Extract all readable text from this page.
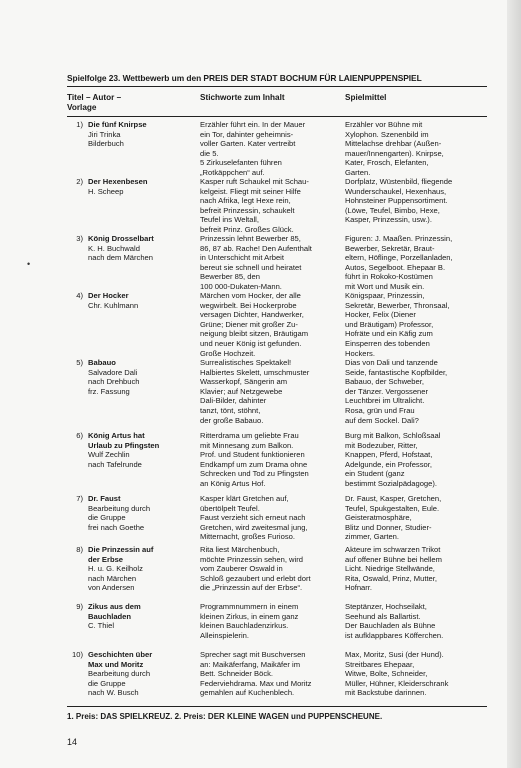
Spielfolge 23. Wettbewerb um den PREIS DER STADT BOCHUM FÜR LAIENPUPPENSPIEL
Titel – Autor –
Vorlage
Stichworte zum Inhalt	Spielmittel
•
1) Die fünf Knirpse
Jiri Trinka
Bilderbuch
Erzähler führt ein. In der Mauer
ein Tor, dahinter geheimnis-
voller Garten. Kater vertreibt
die 5.
5 Zirkuselefanten führen
„Rotkäppchen“ auf.
Erzähler vor Bühne mit
Xylophon. Szenenbild im
Mittelachse drehbar (Außen-
mauer/Innengarten). Knirpse,
Kater, Frosch, Elefanten,
Garten.
2) Der Hexenbesen
H. Scheep
Kasper ruft Schaukel mit Schau-
kelgeist. Fliegt mit seiner Hilfe
nach Afrika, legt Hexe rein,
befreit Prinzessin, schaukelt
Teufel ins Weltall,
befreit Prinz. Großes Glück.
Dorfplatz, Wüstenbild, fliegende
Wunderschaukel, Hexenhaus,
Hohnsteiner Puppensortiment.
(Löwe, Teufel, Bimbo, Hexe,
Kasper, Prinzessin, usw.).
3) König Drosselbart
K. H. Buchwald
nach dem Märchen
Prinzessin lehnt Bewerber 85,
86, 87 ab. Rache! Den Aufenthalt
in Unterschicht mit Arbeit
bereut sie schnell und heiratet
Bewerber 85, den
100 000-Dukaten-Mann.
Figuren: J. Maaßen. Prinzessin,
Bewerber, Sekretär, Braut-
eltern, Höflinge, Porzellanladen,
Autos, Segelboot. Ehepaar B.
führt in Rokoko-Kostümen
mit Wort und Musik ein.
4) Der Hocker
Chr. Kuhlmann
Märchen vom Hocker, der alle
wegwirbelt. Bei Hockerprobe
versagen Dichter, Handwerker,
Grüne; Diener mit großer Zu-
neigung bleibt sitzen, Bräutigam
und neuer König ist gefunden.
Große Hochzeit.
Königspaar, Prinzessin,
Sekretär, Bewerber, Thronsaal,
Hocker, Felix (Diener
und Bräutigam) Professor,
Hofräte und ein Käfig zum
Einsperren des tobenden
Hockers.
5) Babauo
Salvadore Dali
nach Drehbuch
frz. Fassung
Surrealistisches Spektakel!
Halbiertes Skelett, umschmuster
Wasserkopf, Sängerin am
Klavier; auf Netzgewebe
Dali-Bilder, dahinter
tanzt, tönt, stöhnt,
der große Babauo.
Dias von Dali und tanzende
Seide, fantastische Kopfbilder,
Babauo, der Schweber,
der Tänzer. Vergossener
Leuchtbrei im Ultralicht.
Rosa, grün und Frau
auf dem Sockel. Dali?
6) König Artus hat
Urlaub zu Pfingsten
Wulf Zechlin
nach Tafelrunde
Ritterdrama um geliebte Frau
mit Minnesang zum Balkon.
Prof. und Student funktionieren
Endkampf um zum Drama ohne
Schrecken und Tod zu Pfingsten
an König Artus Hof.
Burg mit Balkon, Schloßsaal
mit Bodezuber, Ritter,
Knappen, Pferd, Hofstaat,
Adelgunde, ein Professor,
ein Student (ganz
bestimmt Sozialpädagoge).
7) Dr. Faust
Bearbeitung durch
die Gruppe
frei nach Goethe
Kasper klärt Gretchen auf,
übertölpelt Teufel.
Faust verzieht sich erneut nach
Gretchen, wird zweitesmal jung,
Mitternacht, großes Furioso.
Dr. Faust, Kasper, Gretchen,
Teufel, Spukgestalten, Eule.
Geisteratmosphäre,
Blitz und Donner, Studier-
zimmer, Garten.
8) Die Prinzessin auf
der Erbse
H. u. G. Keilholz
nach Märchen
von Andersen
Rita liest Märchenbuch,
möchte Prinzessin sehen, wird
vom Zauberer Oswald in
Schloß gezaubert und erlebt dort
die „Prinzessin auf der Erbse“.
Akteure im schwarzen Trikot
auf offener Bühne bei hellem
Licht. Niedrige Stellwände,
Rita, Oswald, Prinz, Mutter,
Hofnarr.
9) Zikus aus dem
Bauchladen
C. Thiel
Programmnummern in einem
kleinen Zirkus, in einem ganz
kleinen Bauchladenzirkus.
Alleinspielerin.
Steptänzer, Hochseilakt,
Seehund als Ballartist.
Der Bauchladen als Bühne
ist aufklappbares Köfferchen.
10) Geschichten über
Max und Moritz
Bearbeitung durch
die Gruppe
nach W. Busch
Sprecher sagt mit Buschversen
an: Maikäferfang, Maikäfer im
Bett. Schneider Böck.
Federviehdrama. Max und Moritz
gemahlen auf Kuchenblech.
Max, Moritz, Susi (der Hund).
Streitbares Ehepaar,
Witwe, Bolte, Schneider,
Müller, Hühner, Kleiderschrank
mit Backstube darinnen.
1. Preis: DAS SPIELKREUZ. 2. Preis: DER KLEINE WAGEN und PUPPENSCHEUNE.
14
